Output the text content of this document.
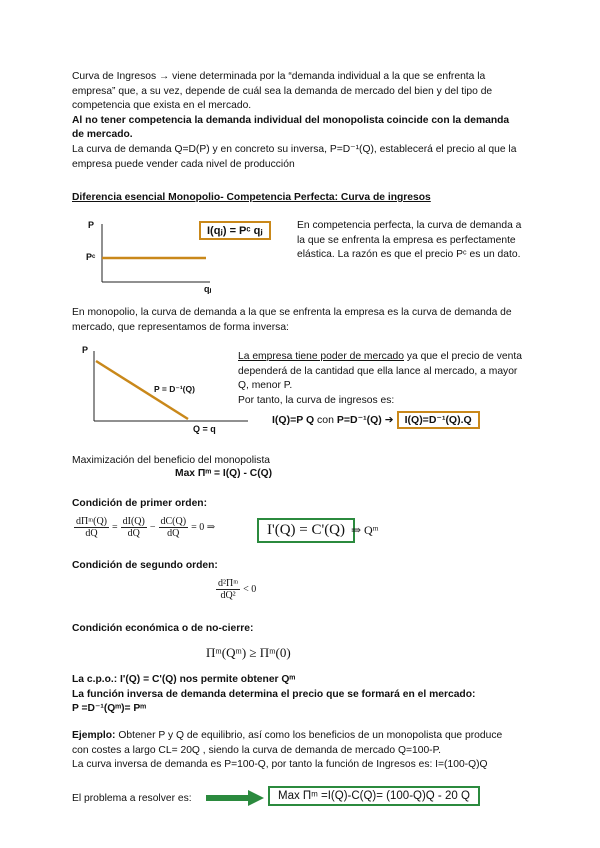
Curva de Ingresos → viene determinada por la “demanda individual a la que se enfrenta la
empresa” que, a su vez, depende de cuál sea la demanda de mercado del bien y del tipo de
competencia que exista en el mercado.
Al no tener competencia la demanda individual del monopolista coincide con la demanda
de mercado.
La curva de demanda Q=D(P) y en concreto su inversa, P=D⁻¹(Q), establecerá el precio al que la
empresa puede vender cada nivel de producción
Diferencia esencial Monopolio- Competencia Perfecta: Curva de ingresos
P
Pᶜ
qⱼ
I(qⱼ) = Pᶜ qⱼ	En competencia perfecta, la curva de demanda a
la que se enfrenta la empresa es perfectamente
elástica. La razón es que el precio Pᶜ es un dato.
En monopolio, la curva de demanda a la que se enfrenta la empresa es la curva de demanda de
mercado, que representamos de forma inversa:
P
P = D⁻¹(Q)
Q = q
La empresa tiene poder de mercado ya que el precio de venta
dependerá de la cantidad que ella lance al mercado, a mayor
Q, menor P.
Por tanto, la curva de ingresos es:
I(Q)=P Q con P=D⁻¹(Q) ➔	I(Q)=D⁻¹(Q).Q
Maximización del beneficio del monopolista
Max Πᵐ = I(Q) - C(Q)
Condición de primer orden:
$\frac{\text{dΠᵐ(Q)}}{dQ} = \frac{dI(Q)}{dQ} - \frac{dC(Q)}{dQ} = 0$ ⇒	I'(Q) = C'(Q) ⇒ Qᵐ
Condición de segundo orden:
$\frac{\text{d²Πᵐ}}{\text{dQ²}} < 0$
Condición económica o de no-cierre:
Πᵐ(Qᵐ) ≥ Πᵐ(0)
La c.p.o.: I'(Q) = C'(Q) nos permite obtener Qᵐ
La función inversa de demanda determina el precio que se formará en el mercado:
P =D⁻¹(Qᵐ)= Pᵐ
Ejemplo: Obtener P y Q de equilibrio, así como los beneficios de un monopolista que produce
con costes a largo CL= 20Q , siendo la curva de demanda de mercado Q=100-P.
La curva inversa de demanda es P=100-Q, por tanto la función de Ingresos es: I=(100-Q)Q
El problema a resolver es:	Max Πᵐ =I(Q)-C(Q)= (100-Q)Q - 20 Q
